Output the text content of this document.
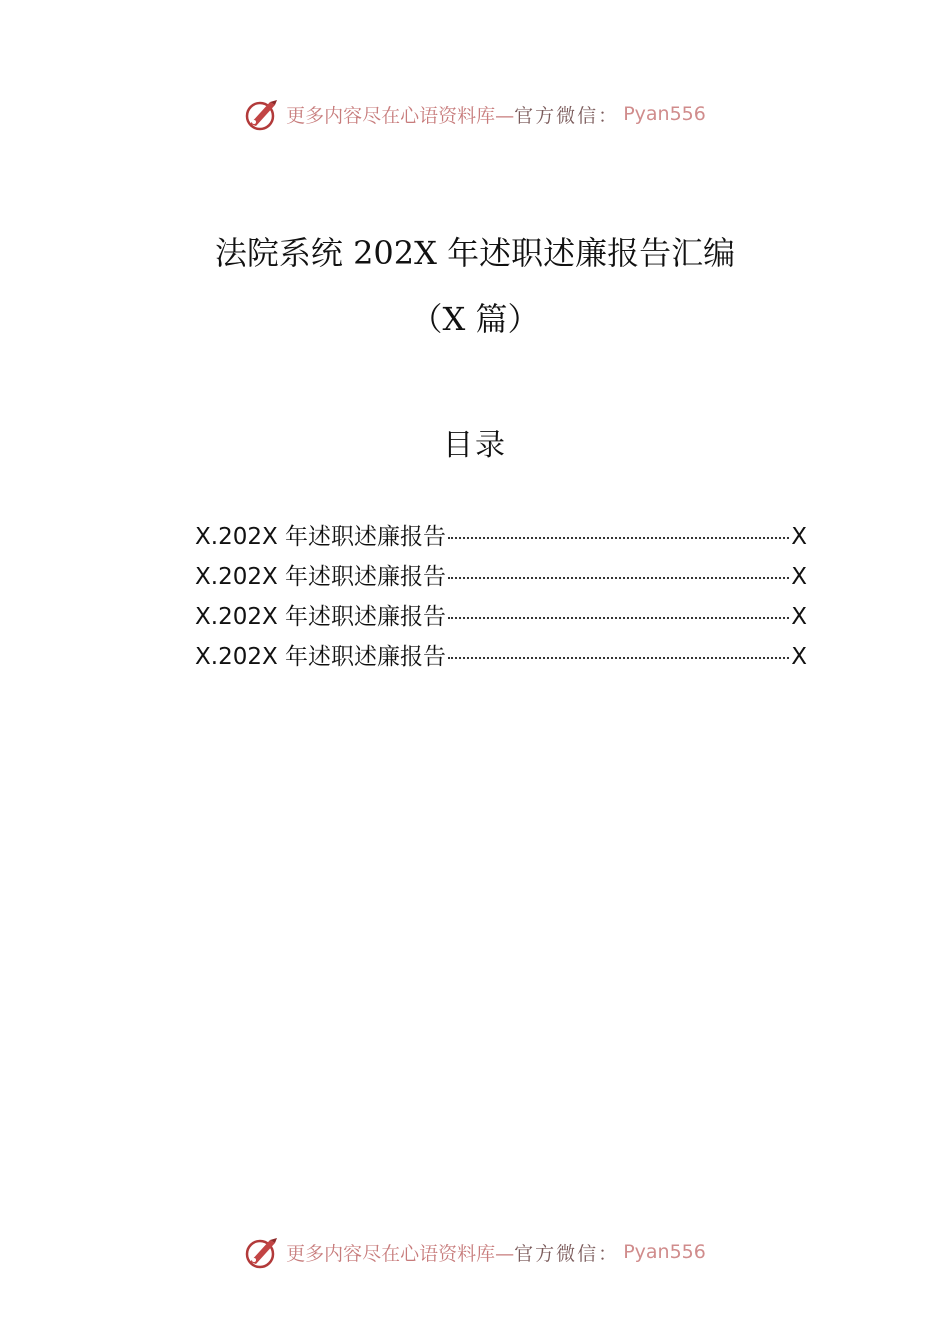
更多内容尽在心语资料库— 官方微信： Pyan556
法院系统 202X 年述职述廉报告汇编
（X 篇）
目录
X.202X 年述职述廉报告	X
X.202X 年述职述廉报告	X
X.202X 年述职述廉报告	X
X.202X 年述职述廉报告	X
更多内容尽在心语资料库— 官方微信： Pyan556
